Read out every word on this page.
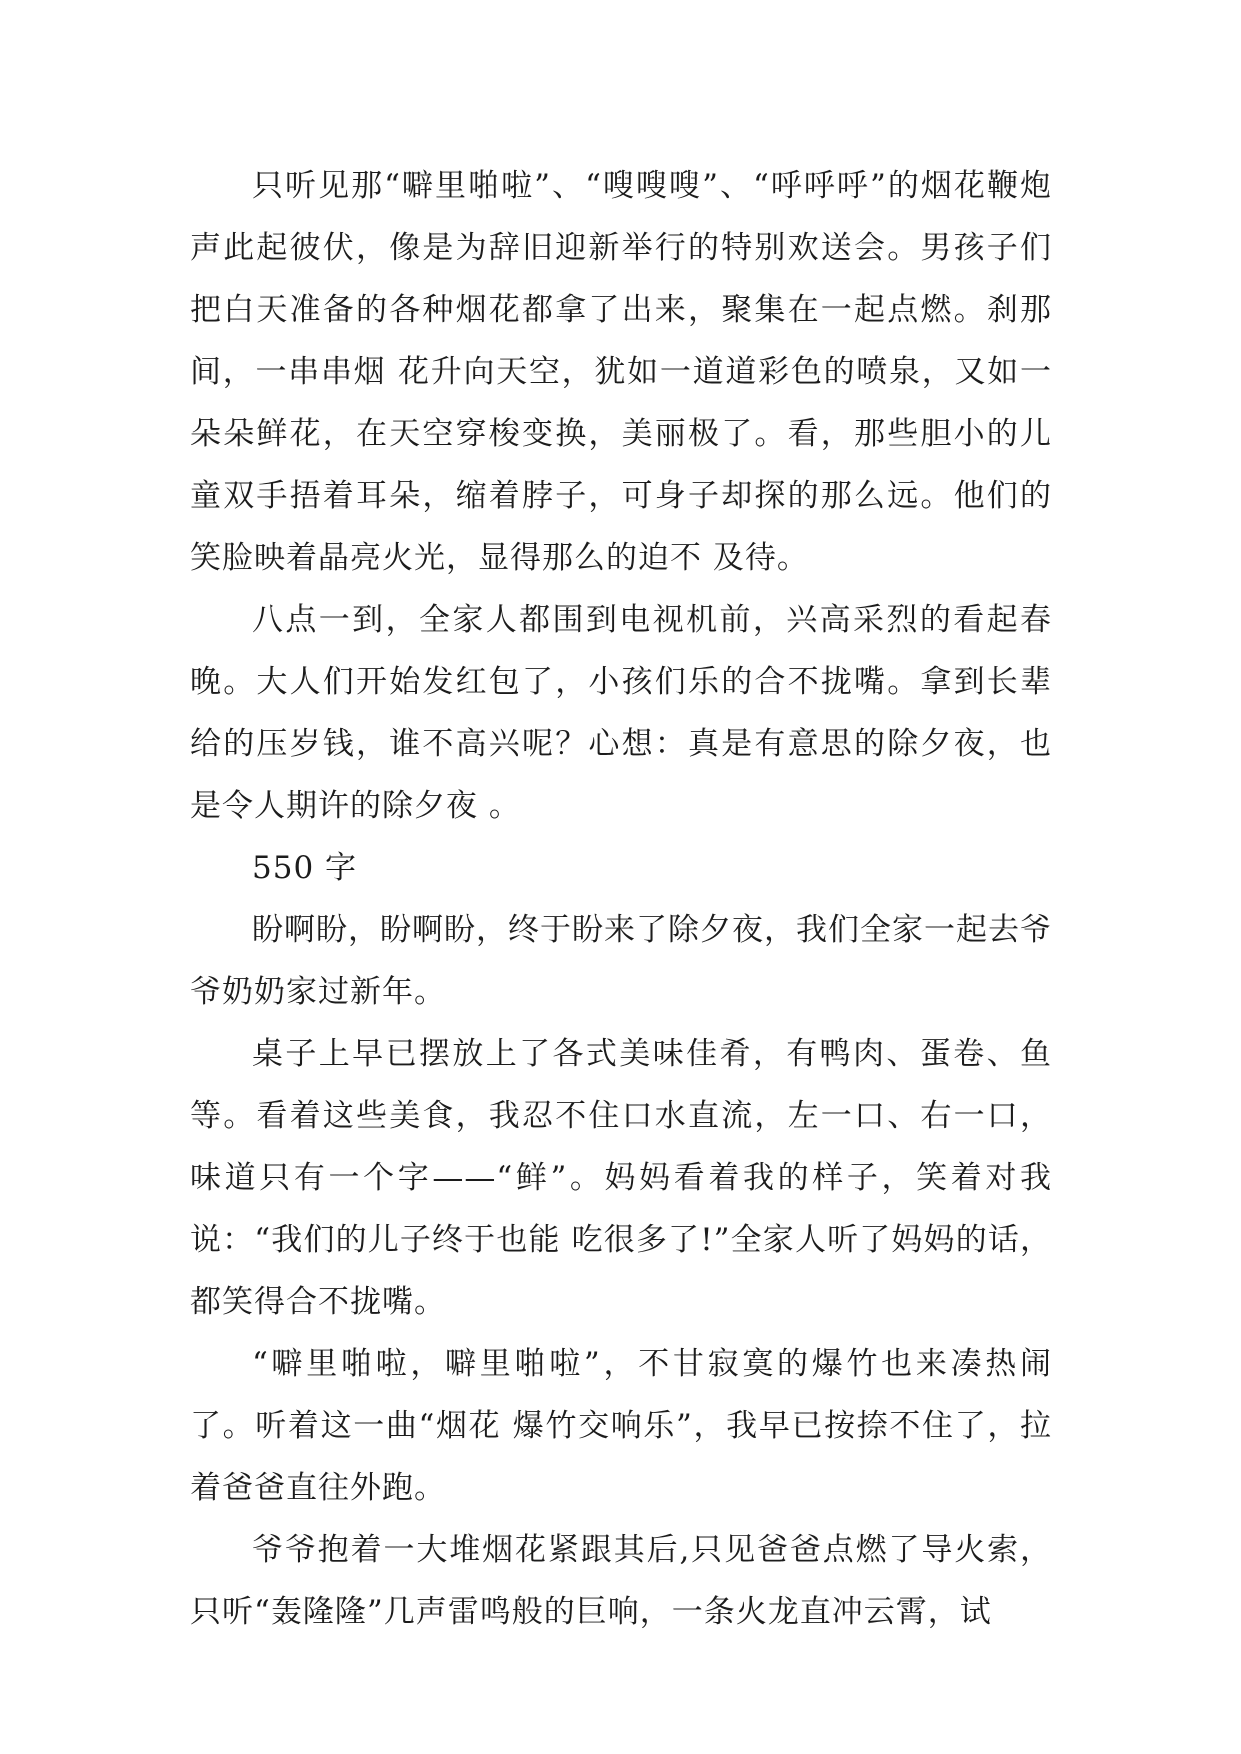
只听见那“噼里啪啦”、“嗖嗖嗖”、“呼呼呼”的烟花鞭炮声此起彼伏，像是为辞旧迎新举行的特别欢送会。男孩子们把白天准备的各种烟花都拿了出来，聚集在一起点燃。刹那间，一串串烟 花升向天空，犹如一道道彩色的喷泉，又如一朵朵鲜花，在天空穿梭变换，美丽极了。看，那些胆小的儿童双手捂着耳朵，缩着脖子，可身子却探的那么远。他们的笑脸映着晶亮火光，显得那么的迫不 及待。

八点一到，全家人都围到电视机前，兴高采烈的看起春晚。大人们开始发红包了，小孩们乐的合不拢嘴。拿到长辈给的压岁钱，谁不高兴呢？心想：真是有意思的除夕夜，也是令人期许的除夕夜 。

550 字

盼啊盼，盼啊盼，终于盼来了除夕夜，我们全家一起去爷爷奶奶家过新年。

桌子上早已摆放上了各式美味佳肴，有鸭肉、蛋卷、鱼等。看着这些美食，我忍不住口水直流，左一口、右一口，味道只有一个字——“鲜”。妈妈看着我的样子，笑着对我说：“我们的儿子终于也能 吃很多了!”全家人听了妈妈的话，都笑得合不拢嘴。

“噼里啪啦，噼里啪啦”，不甘寂寞的爆竹也来凑热闹了。听着这一曲“烟花 爆竹交响乐”，我早已按捺不住了，拉着爸爸直往外跑。

爷爷抱着一大堆烟花紧跟其后,只见爸爸点燃了导火索，只听“轰隆隆”几声雷鸣般的巨响，一条火龙直冲云霄，试
